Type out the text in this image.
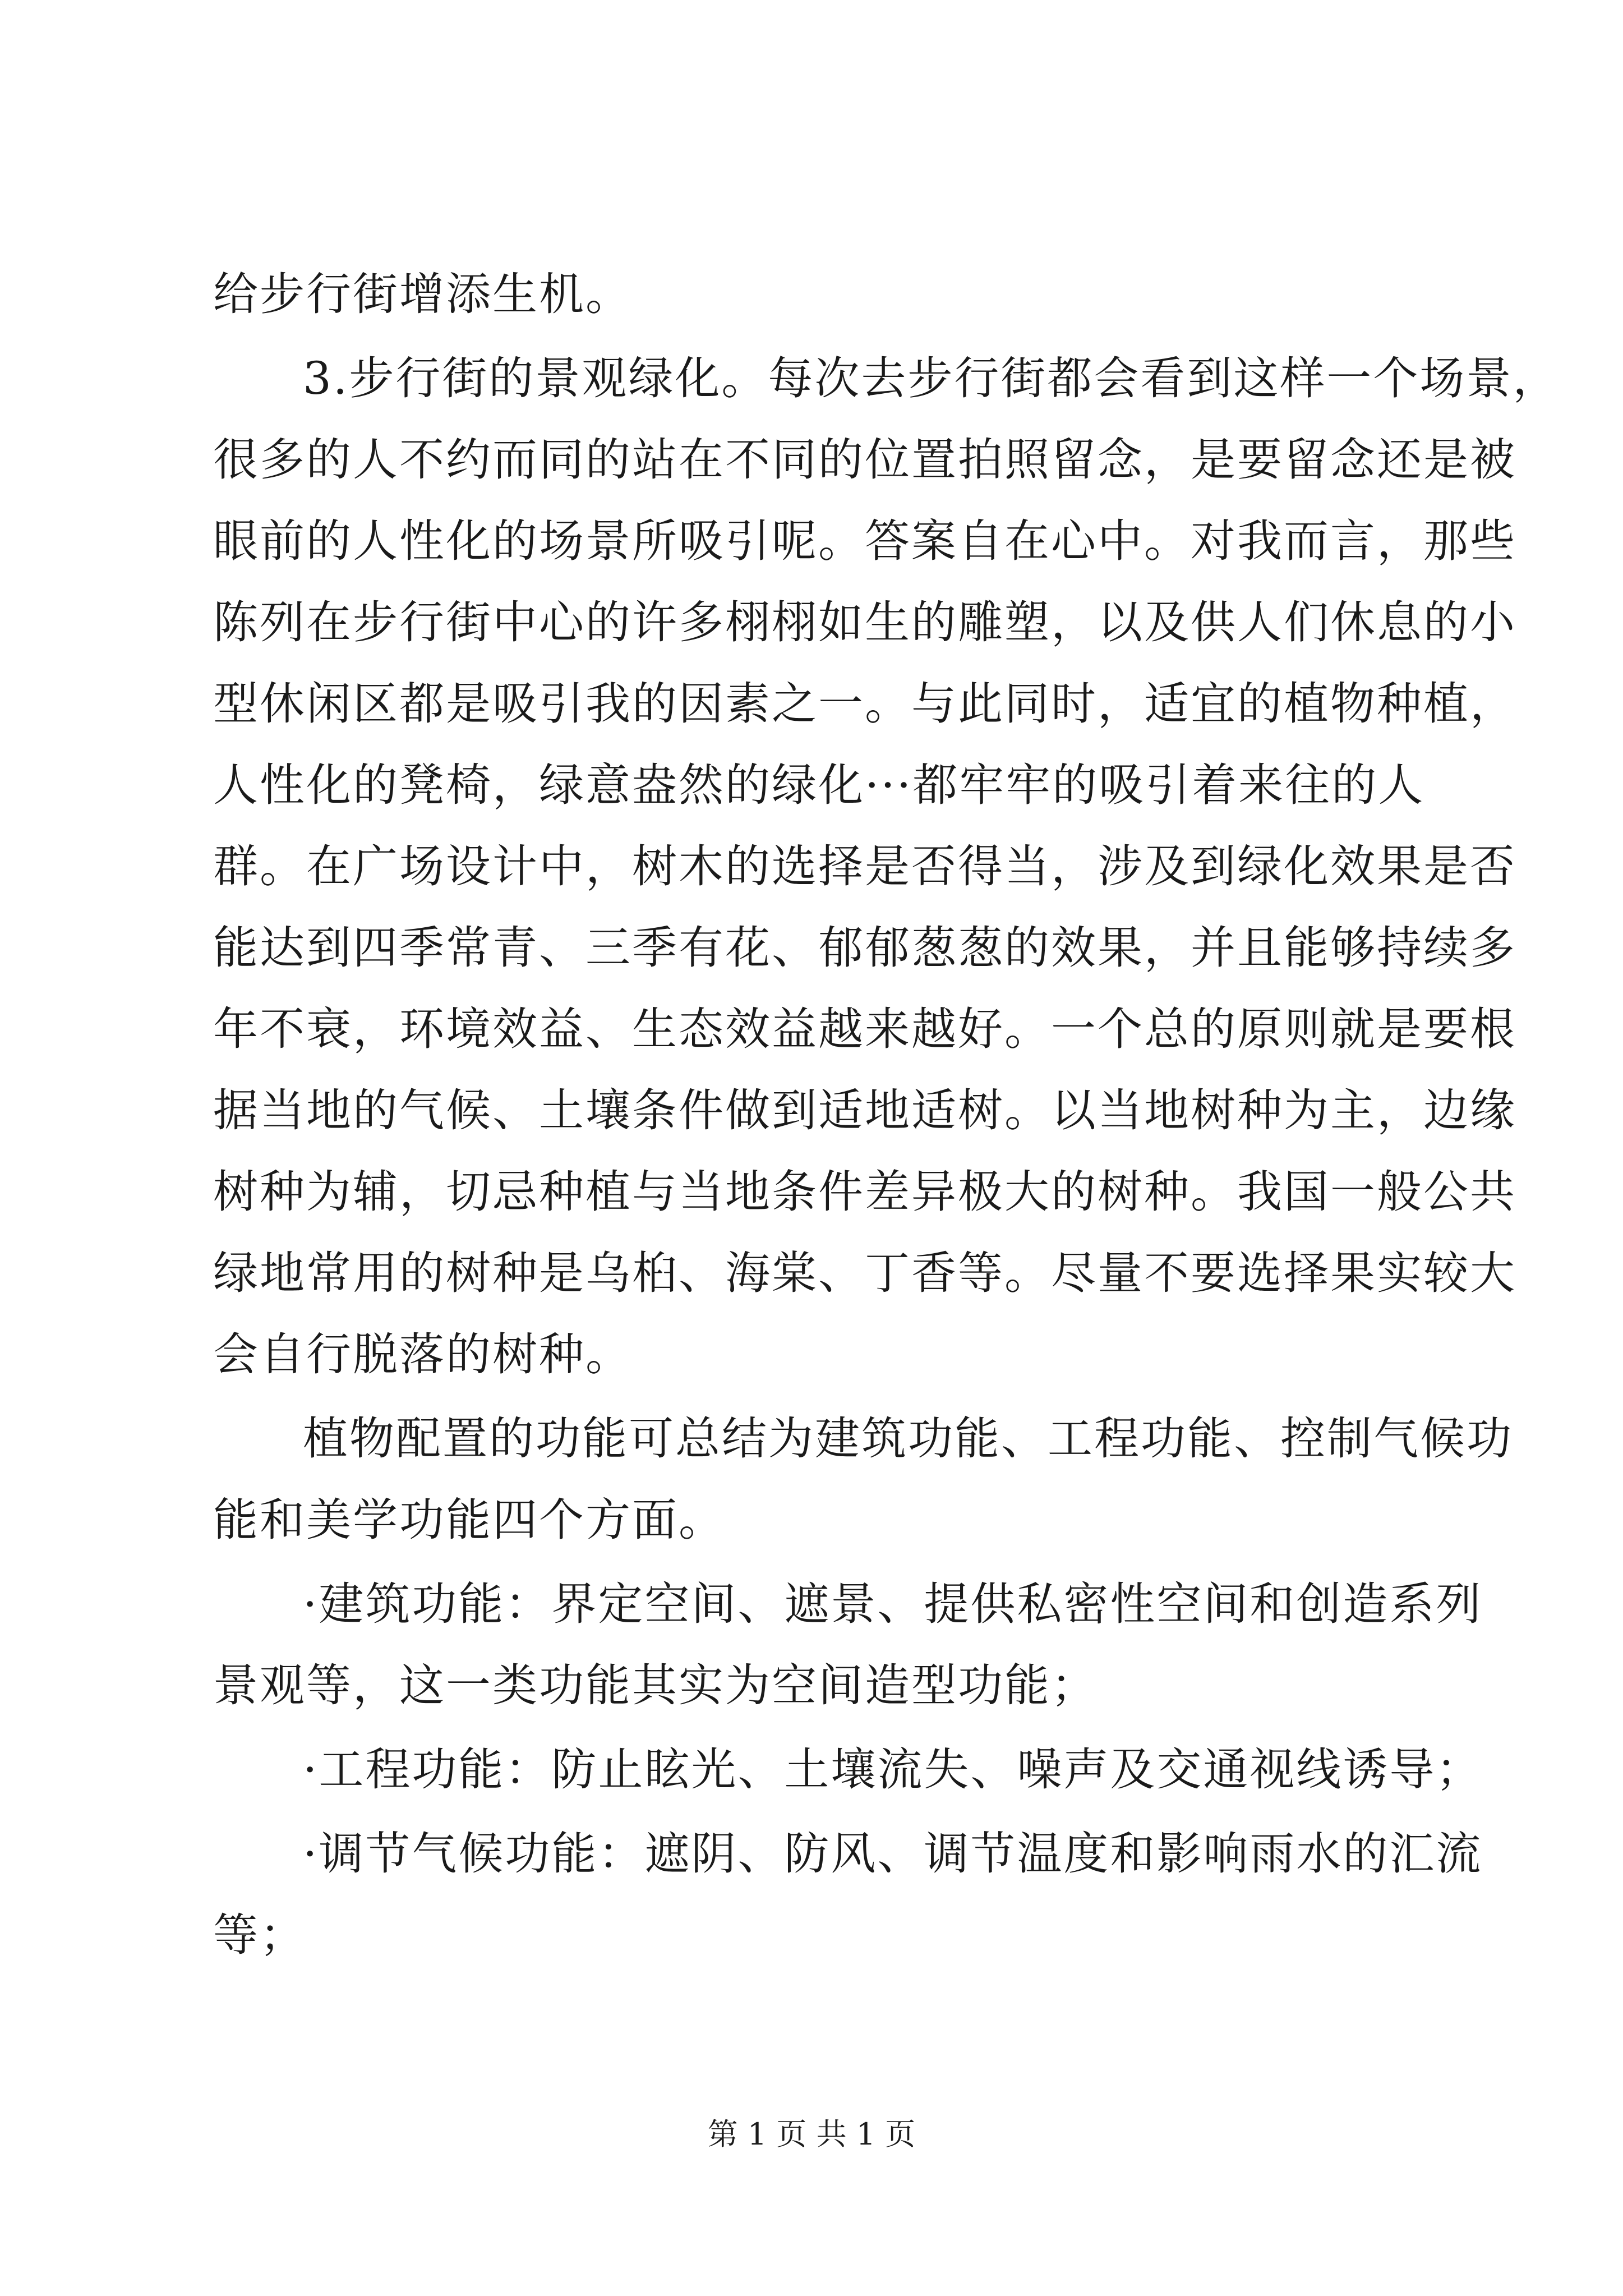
给步行街增添生机。
3.步行街的景观绿化。每次去步行街都会看到这样一个场景，
很多的人不约而同的站在不同的位置拍照留念，是要留念还是被
眼前的人性化的场景所吸引呢。答案自在心中。对我而言，那些
陈列在步行街中心的许多栩栩如生的雕塑，以及供人们休息的小
型休闲区都是吸引我的因素之一。与此同时，适宜的植物种植，
人性化的凳椅，绿意盎然的绿化···都牢牢的吸引着来往的人
群。在广场设计中，树木的选择是否得当，涉及到绿化效果是否
能达到四季常青、三季有花、郁郁葱葱的效果，并且能够持续多
年不衰，环境效益、生态效益越来越好。一个总的原则就是要根
据当地的气候、土壤条件做到适地适树。以当地树种为主，边缘
树种为辅，切忌种植与当地条件差异极大的树种。我国一般公共
绿地常用的树种是乌桕、海棠、丁香等。尽量不要选择果实较大
会自行脱落的树种。
植物配置的功能可总结为建筑功能、工程功能、控制气候功
能和美学功能四个方面。
·建筑功能：界定空间、遮景、提供私密性空间和创造系列
景观等，这一类功能其实为空间造型功能；
·工程功能：防止眩光、土壤流失、噪声及交通视线诱导；
·调节气候功能：遮阴、防风、调节温度和影响雨水的汇流
等；
第 1 页 共 1 页
